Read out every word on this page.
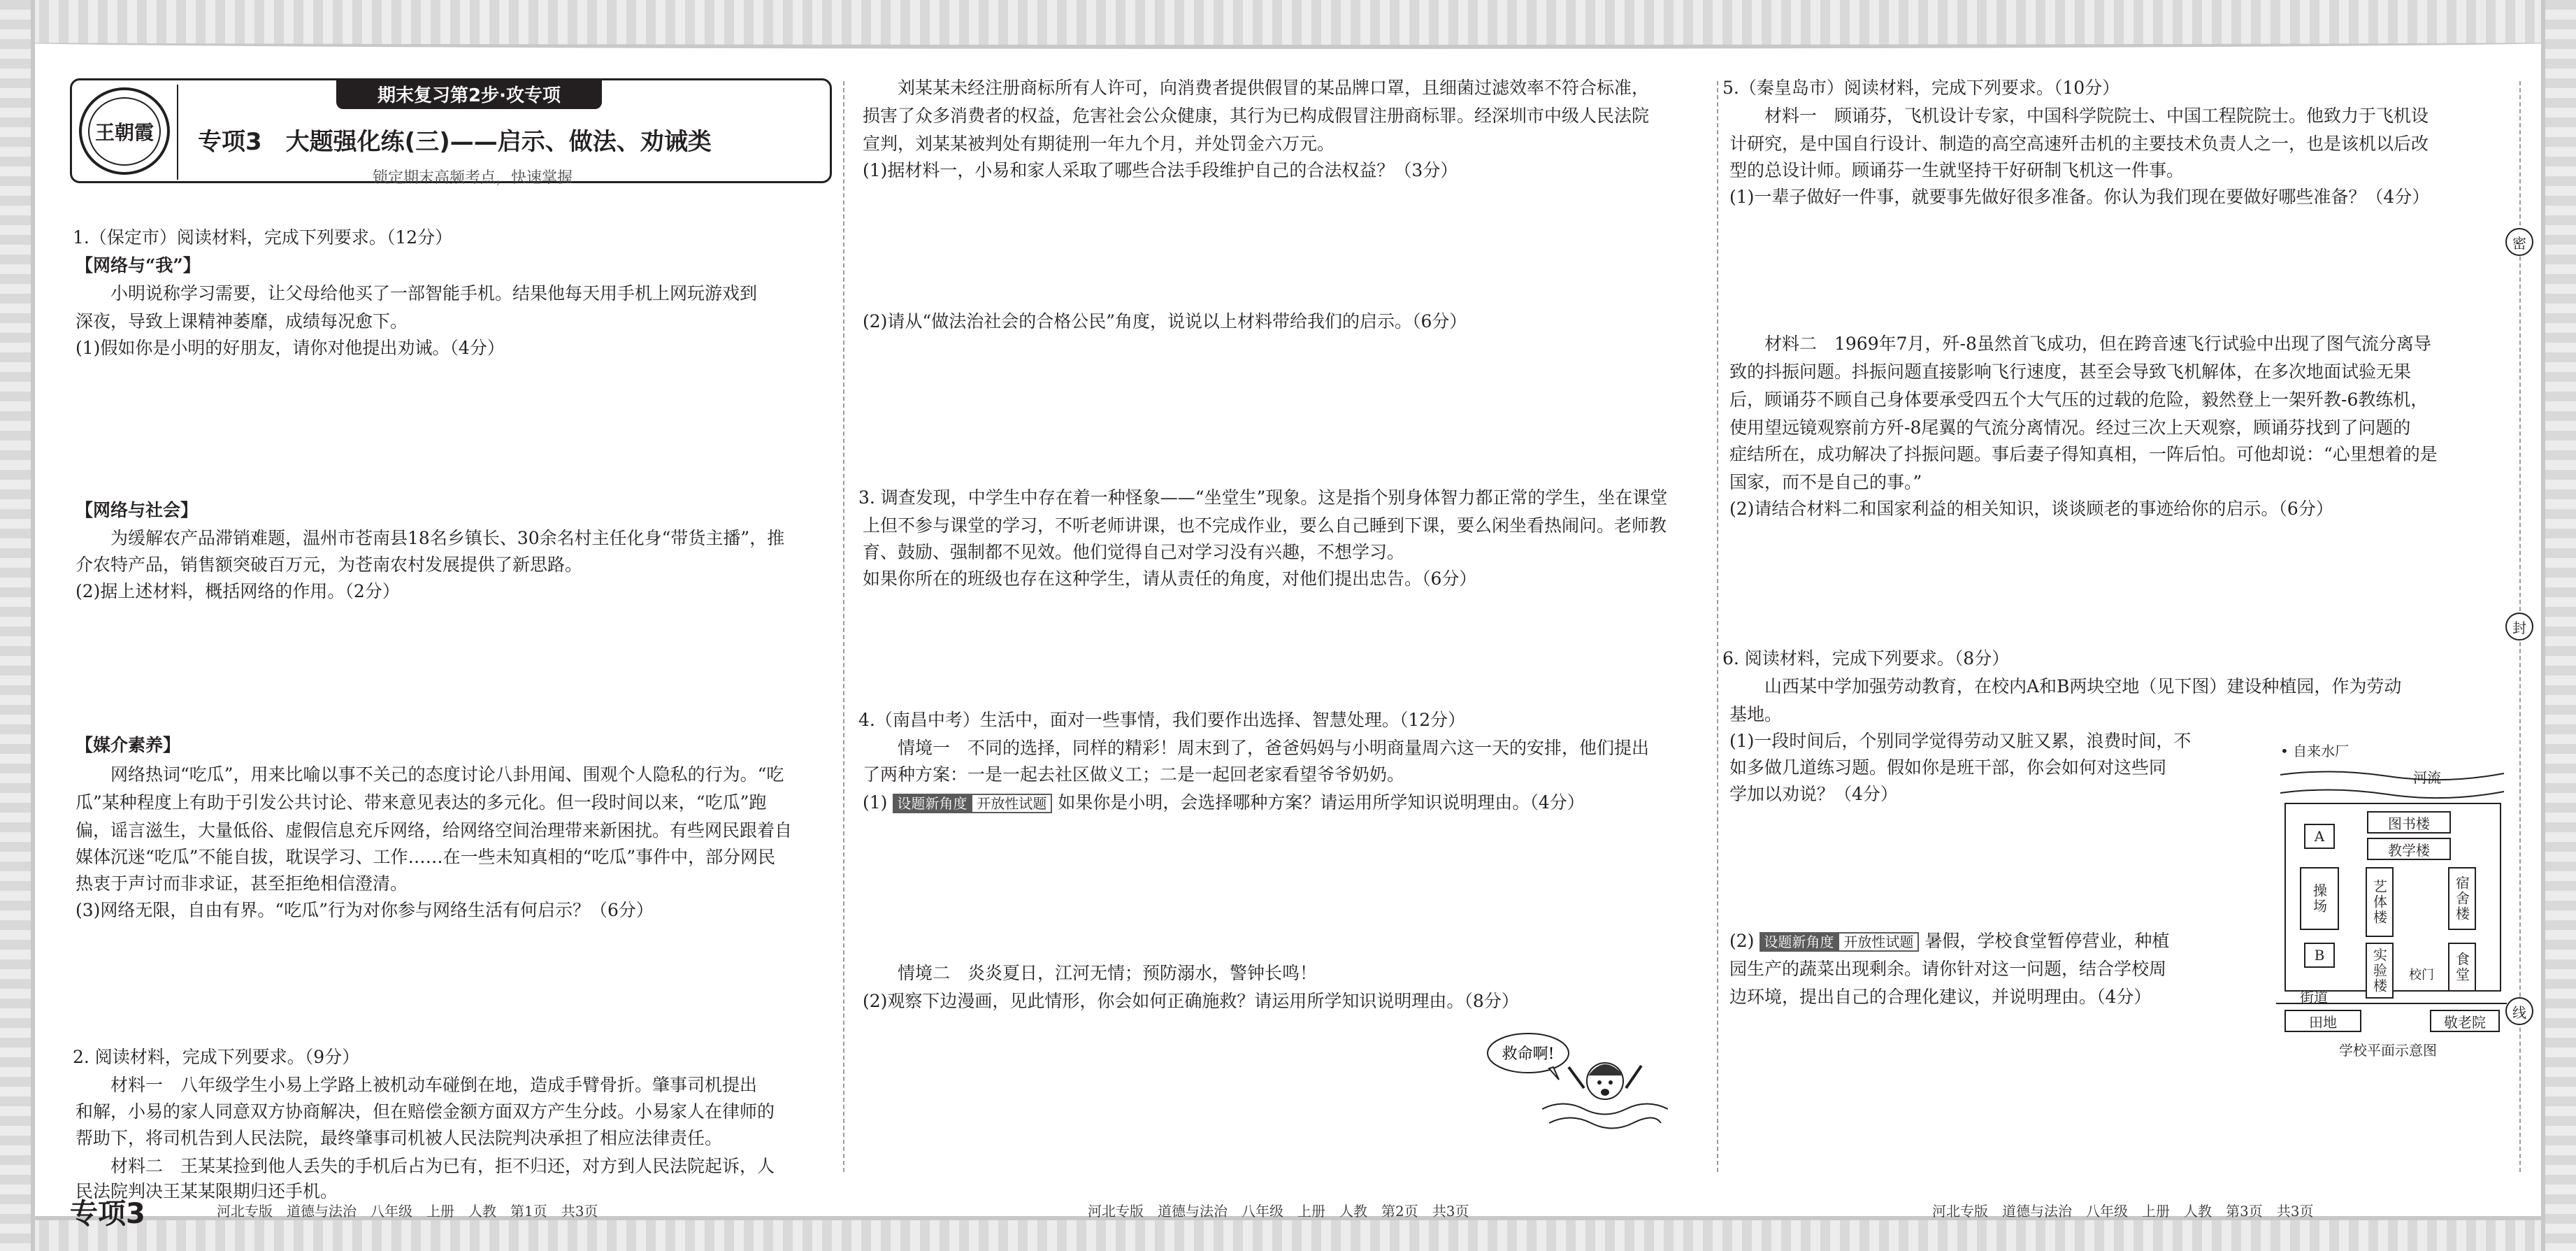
王朝霞
期末复习第2步·攻专项
专项3　大题强化练(三)——启示、做法、劝诫类
锁定期末高频考点，快速掌握
1.（保定市）阅读材料，完成下列要求。（12分）
【网络与“我”】
小明说称学习需要，让父母给他买了一部智能手机。结果他每天用手机上网玩游戏到
深夜，导致上课精神萎靡，成绩每况愈下。
(1)假如你是小明的好朋友，请你对他提出劝诫。（4分）
【网络与社会】
为缓解农产品滞销难题，温州市苍南县18名乡镇长、30余名村主任化身“带货主播”，推
介农特产品，销售额突破百万元，为苍南农村发展提供了新思路。
(2)据上述材料，概括网络的作用。（2分）
【媒介素养】
网络热词“吃瓜”，用来比喻以事不关己的态度讨论八卦用闻、围观个人隐私的行为。“吃
瓜”某种程度上有助于引发公共讨论、带来意见表达的多元化。但一段时间以来，“吃瓜”跑
偏，谣言滋生，大量低俗、虚假信息充斥网络，给网络空间治理带来新困扰。有些网民跟着自
媒体沉迷“吃瓜”不能自拔，耽误学习、工作……在一些未知真相的“吃瓜”事件中，部分网民
热衷于声讨而非求证，甚至拒绝相信澄清。
(3)网络无限，自由有界。“吃瓜”行为对你参与网络生活有何启示？（6分）
2. 阅读材料，完成下列要求。（9分）
材料一　八年级学生小易上学路上被机动车碰倒在地，造成手臂骨折。肇事司机提出
和解，小易的家人同意双方协商解决，但在赔偿金额方面双方产生分歧。小易家人在律师的
帮助下，将司机告到人民法院，最终肇事司机被人民法院判决承担了相应法律责任。
材料二　王某某捡到他人丢失的手机后占为已有，拒不归还，对方到人民法院起诉，人
民法院判决王某某限期归还手机。
专项3	河北专版　道德与法治　八年级　上册　人教　第1页　共3页
刘某某未经注册商标所有人许可，向消费者提供假冒的某品牌口罩，且细菌过滤效率不符合标准，
损害了众多消费者的权益，危害社会公众健康，其行为已构成假冒注册商标罪。经深圳市中级人民法院
宣判，刘某某被判处有期徒刑一年九个月，并处罚金六万元。
(1)据材料一，小易和家人采取了哪些合法手段维护自己的合法权益？（3分）
(2)请从“做法治社会的合格公民”角度，说说以上材料带给我们的启示。（6分）
3. 调查发现，中学生中存在着一种怪象——“坐堂生”现象。这是指个别身体智力都正常的学生，坐在课堂
上但不参与课堂的学习，不听老师讲课，也不完成作业，要么自己睡到下课，要么闲坐看热闹问。老师教
育、鼓励、强制都不见效。他们觉得自己对学习没有兴趣，不想学习。
如果你所在的班级也存在这种学生，请从责任的角度，对他们提出忠告。（6分）
4.（南昌中考）生活中，面对一些事情，我们要作出选择、智慧处理。（12分）
情境一　不同的选择，同样的精彩！周末到了，爸爸妈妈与小明商量周六这一天的安排，他们提出
了两种方案：一是一起去社区做义工；二是一起回老家看望爷爷奶奶。
(1) 设题新角度 开放性试题 如果你是小明，会选择哪种方案？请运用所学知识说明理由。（4分）
情境二　炎炎夏日，江河无情；预防溺水，警钟长鸣！
(2)观察下边漫画，见此情形，你会如何正确施救？请运用所学知识说明理由。（8分）
救命啊!
河北专版　道德与法治　八年级　上册　人教　第2页　共3页
5.（秦皇岛市）阅读材料，完成下列要求。（10分）
材料一　顾诵芬，飞机设计专家，中国科学院院士、中国工程院院士。他致力于飞机设
计研究，是中国自行设计、制造的高空高速歼击机的主要技术负责人之一，也是该机以后改
型的总设计师。顾诵芬一生就坚持干好研制飞机这一件事。
(1)一辈子做好一件事，就要事先做好很多准备。你认为我们现在要做好哪些准备？（4分）
材料二　1969年7月，歼-8虽然首飞成功，但在跨音速飞行试验中出现了图气流分离导
致的抖振问题。抖振问题直接影响飞行速度，甚至会导致飞机解体，在多次地面试验无果
后，顾诵芬不顾自己身体要承受四五个大气压的过载的危险，毅然登上一架歼教-6教练机，
使用望远镜观察前方歼-8尾翼的气流分离情况。经过三次上天观察，顾诵芬找到了问题的
症结所在，成功解决了抖振问题。事后妻子得知真相，一阵后怕。可他却说：“心里想着的是
国家，而不是自己的事。”
(2)请结合材料二和国家利益的相关知识，谈谈顾老的事迹给你的启示。（6分）
6. 阅读材料，完成下列要求。（8分）
山西某中学加强劳动教育，在校内A和B两块空地（见下图）建设种植园，作为劳动
基地。
(1)一段时间后，个别同学觉得劳动又脏又累，浪费时间，不
如多做几道练习题。假如你是班干部，你会如何对这些同
学加以劝说？（4分）
(2) 设题新角度 开放性试题 暑假，学校食堂暂停营业，种植
园生产的蔬菜出现剩余。请你针对这一问题，结合学校周
边环境，提出自己的合理化建议，并说明理由。（4分）
• 自来水厂
河流
图书楼
教学楼
A
操场
B
艺体楼	宿舍楼
实验楼	食堂
校门
街道
田地	敬老院
学校平面示意图
河北专版　道德与法治　八年级　上册　人教　第3页　共3页
密
封
线
